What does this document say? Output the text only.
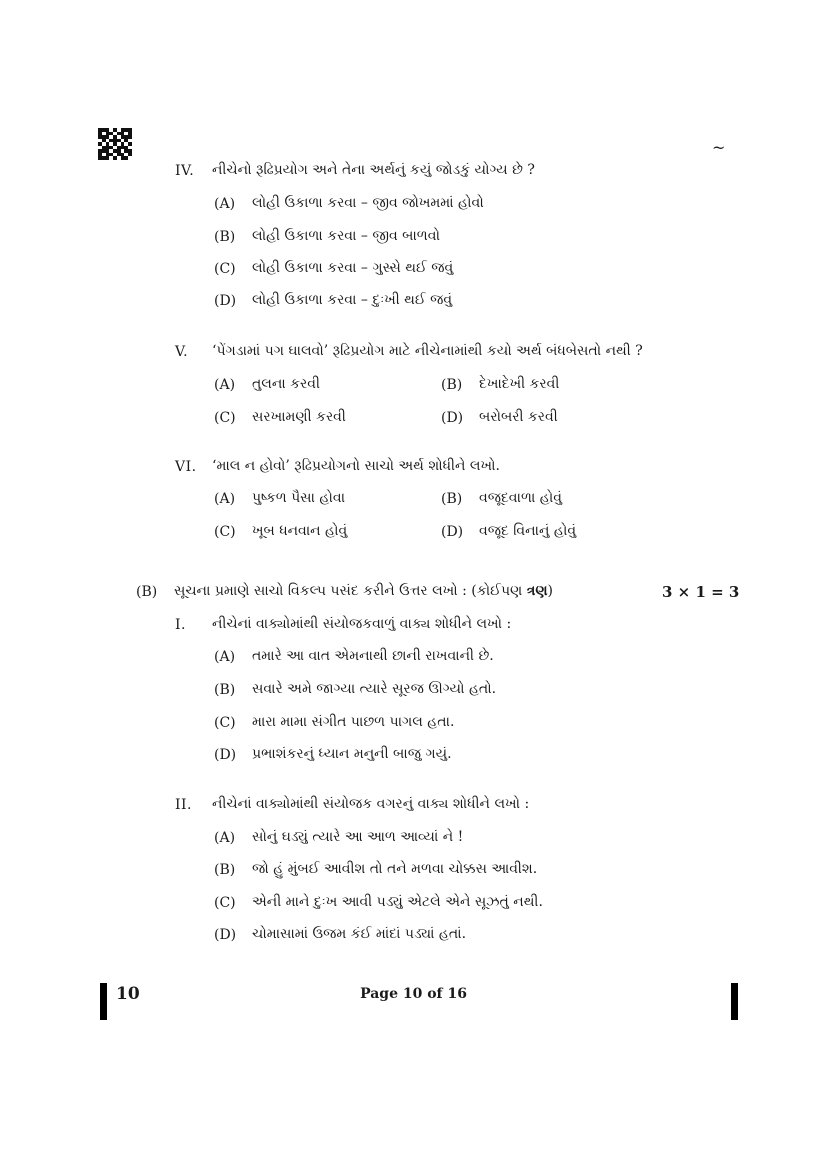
~
IV. નીચેનો રૂઢિપ્રયોગ અને તેના અર્થનું કયું જોડકું યોગ્ય છે ?
(A) લોહી ઉકાળા કરવા – જીવ જોખમમાં હોવો
(B) લોહી ઉકાળા કરવા – જીવ બાળવો
(C) લોહી ઉકાળા કરવા – ગુસ્સે થઈ જવું
(D) લોહી ઉકાળા કરવા – દુઃખી થઈ જવું
V. ‘પેંગડામાં પગ ઘાલવો’ રૂઢિપ્રયોગ માટે નીચેનામાંથી કયો અર્થ બંધબેસતો નથી ?
(A) તુલના કરવી	(B) દેખાદેખી કરવી
(C) સરખામણી કરવી	(D) બરોબરી કરવી
VI. ‘માલ ન હોવો’ રૂઢિપ્રયોગનો સાચો અર્થ શોધીને લખો.
(A) પુષ્કળ પૈસા હોવા	(B) વજૂદવાળા હોવું
(C) ખૂબ ધનવાન હોવું	(D) વજૂદ વિનાનું હોવું
(B) સૂચના પ્રમાણે સાચો વિકલ્પ પસંદ કરીને ઉત્તર લખો : (કોઈપણ ત્રણ)	3 × 1 = 3
I. નીચેનાં વાક્યોમાંથી સંયોજકવાળું વાક્ય શોધીને લખો :
(A) તમારે આ વાત એમનાથી છાની રાખવાની છે.
(B) સવારે અમે જાગ્યા ત્યારે સૂરજ ઊગ્યો હતો.
(C) મારા મામા સંગીત પાછળ પાગલ હતા.
(D) પ્રભાશંકરનું ધ્યાન મનુની બાજુ ગયું.
II. નીચેનાં વાક્યોમાંથી સંયોજક વગરનું વાક્ય શોધીને લખો :
(A) સોનું ઘડ્યું ત્યારે આ આળ આવ્યાં ને !
(B) જો હું મુંબઈ આવીશ તો તને મળવા ચોક્કસ આવીશ.
(C) એની માને દુઃખ આવી પડ્યું એટલે એને સૂઝતું નથી.
(D) ચોમાસામાં ઉજમ કંઈ માંદાં પડ્યાં હતાં.
10	Page 10 of 16
